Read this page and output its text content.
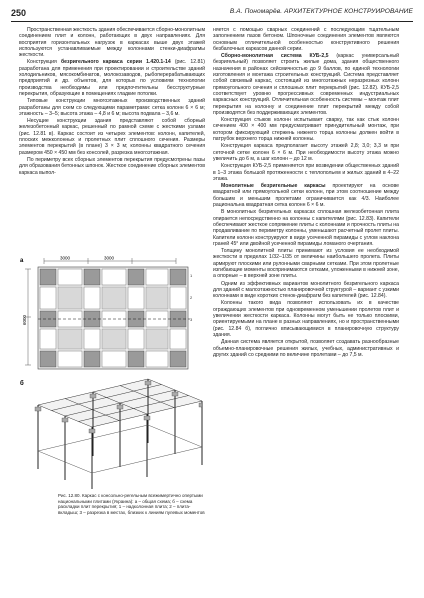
250	В.А. Пономарёв. АРХИТЕКТУРНОЕ КОНСТРУИРОВАНИЕ

Пространственная жесткость здания обеспечивается сборно-монолитным соединением плит и колонн, работающих в двух направлениях. Для восприятия горизонтальных нагрузок в каркасах выше двух этажей используются устанавливаемые между колоннами стенки-диафрагмы жесткости.

Конструкция безригельного каркаса серии 1.420.1-14 (рис. 12.81) разработана для применения при проектировании и строительстве зданий холодильников, мясокомбинатов, молокозаводов, рыбоперерабатывающих предприятий и др. объектов, для которых по условиям технологии производства необходимы или предпочтительны бесструктурные перекрытия, образующие в помещениях гладкие потолки.

Типовые конструкции многоэтажных производственных зданий разработаны для схем со следующими параметрами: сетка колонн 6 × 6 м; этажность – 3–5; высота этажа – 4,8 и 6 м; высота подвала – 3,6 м.

Несущие конструкции здания представляют собой сборный железобетонный каркас, решенный по рамной схеме с жесткими узлами (рис. 12.81 в). Каркас состоит из четырех элементов: колонн, капителей, плоских межколонных и пролетных плит сплошного сечения. Размеры элементов перекрытий (в плане) 3 × 3 м; колонны квадратного сечения размером 450 × 450 мм без консолей, разрезка многоэтажная.

По периметру всех сборных элементов перекрытия предусмотрены пазы для образования бетонных шпонок. Жесткое соединение сборных элементов каркаса выпол-

а	3000	3000
6000
1
2
3
б
Рис. 12.80. Каркас с консольно-регельным всежимертично опертыми национальными плитами (Украина): а – общая схема; б – схема раскладки плит перекрытия; 1 – надколонная плита; 2 – плита-вкладыш; 3 – разрезка в местах, близких к линиям пулевых моментов

няется с помощью сварных соединений с последующим тщательным заполнением пазов бетоном. Шпоночные соединения элементов являются основным отличительной особенностью конструктивного решения безбалочных каркасов данной серии.

Сборно-монолитная система КУБ-2,5 (каркас универсальный безригельный) позволяет строить жилые дома, здания общественного назначения в районах сейсмичностью до 9 баллов, по единой технологии изготовления и монтажа строительных конструкций. Система представляет собой связевый каркас, состоящий из многоэтажных неразрезных колонн прямоугольного сечения и сплошных плит перекрытий (рис. 12.82). КУБ-2,5 соответствует уровню прогрессивных современных индустриальных каркасных конструкций. Отличительная особенность системы – монтаж плит перекрытия на колонну и соединение плит перекрытий между собой производятся без поддерживающих элементов.

Конструкция стыков колонн испытывает сварку, так как стык колонн сечением 400 × 400 мм предусматривает принудительный монтаж, при котором фиксирующий стержень нижнего торца колонны должен войти в патрубок верхнего торца нижней колонны.

Конструкция каркаса предполагает высоту этажей 2,8; 3,0; 3,3 м при сеточной сетке колонн 6 × 6 м. При необходимости высоту этажа можно увеличить до 6 м, а шаг колонн – до 12 м.

Конструкция КУБ-2,5 применяется при возведении общественных зданий в 1–3 этажа большой протяженности с теплопольем и жилых зданий в 4–22 этажа.

Монолитные безригельные каркасы проектируют на основе квадратной или прямоугольной сетки колонн, при этом соотношение между большим и меньшим пролетами ограничивается как 4/3. Наиболее рациональна квадратная сетка колонн 6 × 6 м.

В монолитных безригельных каркасах сплошная железобетонная плита опирается непосредственно на колонны с капителями (рис. 12.83). Капители обеспечивают жесткое сопряжение плиты с колоннами и прочность плиты на продавливание по периметру колонны, уменьшают расчетный пролет плиты. Капители колонн конструируют в виде усеченной пирамиды с углом наклона граней 45° или двойной усеченной пирамиды ломаного очертания.

Толщину монолитной плиты принимают из условия ее необходимой жесткости в пределах 1/32–1/35 от величины наибольшего пролета. Плиты армируют плоскими или рулонными сварными сетками. При этом пролетные изгибающие моменты воспринимаются сетками, уложенными в нижней зоне, а опорные – в верхней зоне плиты.

Одним из эффективных вариантов монолитного безригельного каркаса для зданий с малоэтажностью планировочной структурой – вариант с узкими колоннами в виде коротких стенок-диафрагм без капителей (рис. 12.84).

Колонны такого вида позволяют использовать их в качестве ограждающих элементов при одновременном уменьшении пролетов плит и увеличении жесткости каркаса. Колонны могут быть не только плоскими, ориентируемыми на плане в разных направлениях, но и пространственными (рис. 12.84 б), поглично вписывающимися в планировочную структуру здания.

Данная система является открытой, позволяет создавать разнообразные объемно-планировочные решения жилых, учебных, административных и других зданий со средними по величине пролетами – до 7,5 м.
